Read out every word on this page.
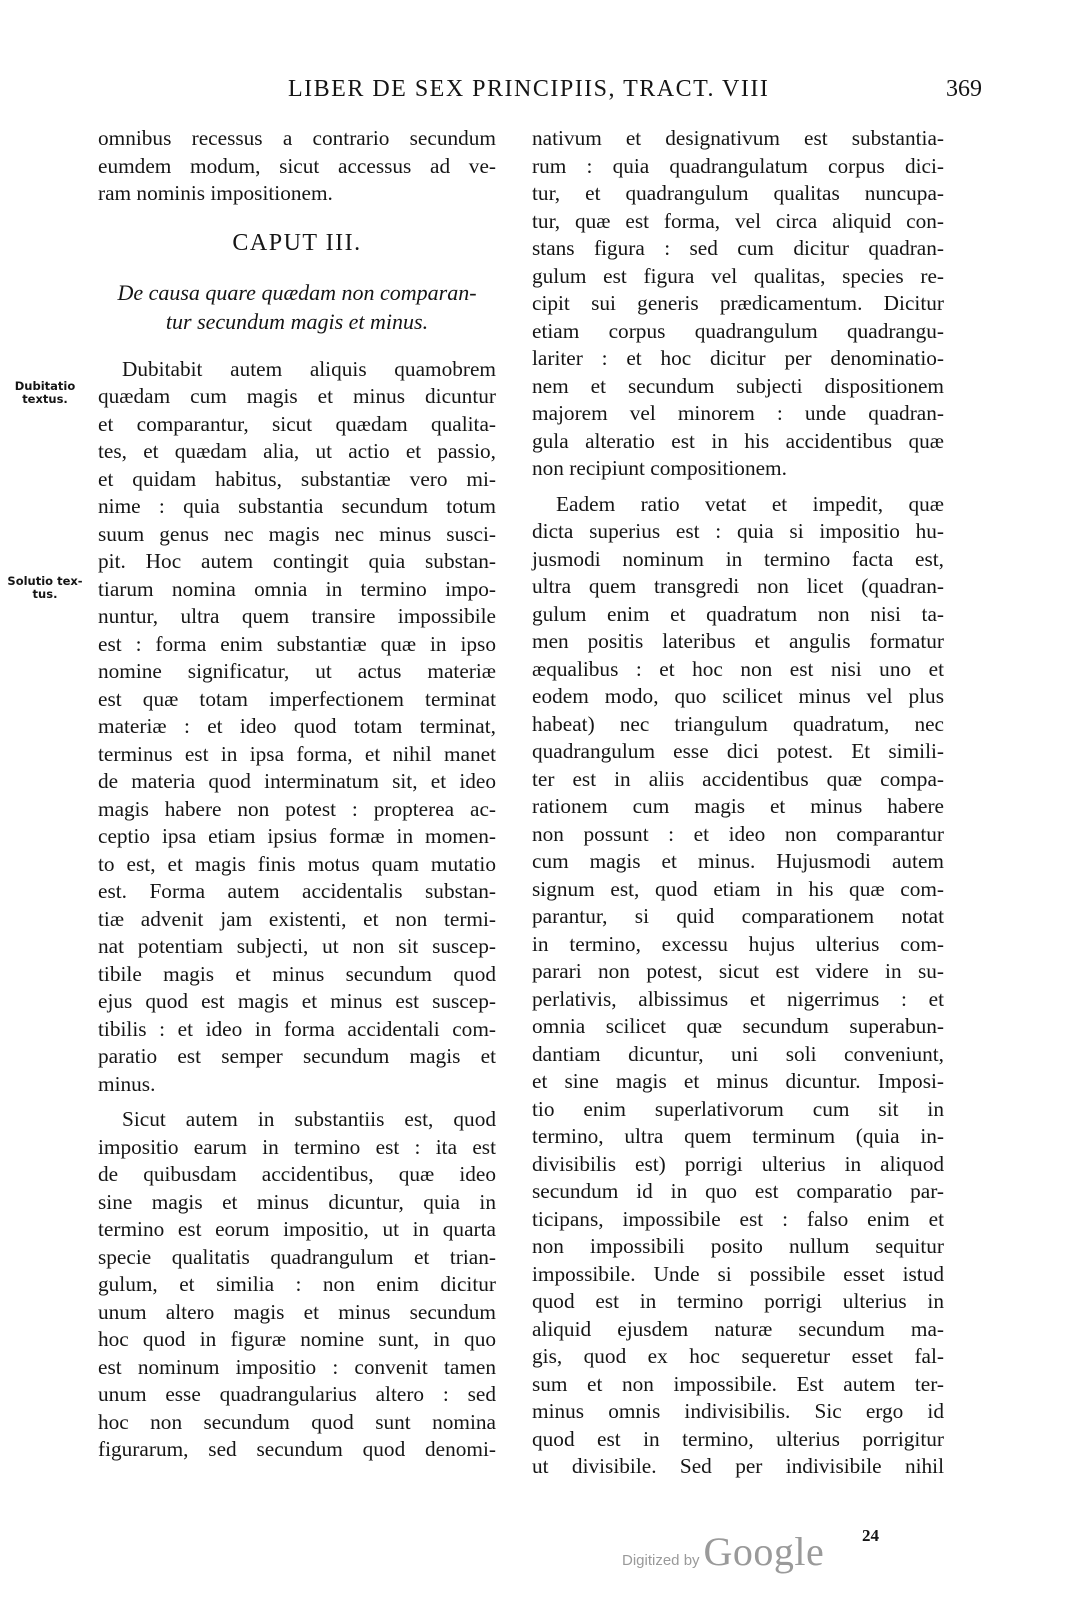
LIBER DE SEX PRINCIPIIS, TRACT. VIII	369
Dubitatio
textus.
Solutio tex-
tus.
omnibus recessus a contrario secundum
eumdem modum, sicut accessus ad ve-
ram nominis impositionem.
CAPUT III.
De causa quare quædam non comparan-
tur secundum magis et minus.
Dubitabit autem aliquis quamobrem
quædam cum magis et minus dicuntur
et comparantur, sicut quædam qualita-
tes, et quædam alia, ut actio et passio,
et quidam habitus, substantiæ vero mi-
nime : quia substantia secundum totum
suum genus nec magis nec minus susci-
pit. Hoc autem contingit quia substan-
tiarum nomina omnia in termino impo-
nuntur, ultra quem transire impossibile
est : forma enim substantiæ quæ in ipso
nomine significatur, ut actus materiæ
est quæ totam imperfectionem terminat
materiæ : et ideo quod totam terminat,
terminus est in ipsa forma, et nihil manet
de materia quod interminatum sit, et ideo
magis habere non potest : propterea ac-
ceptio ipsa etiam ipsius formæ in momen-
to est, et magis finis motus quam mutatio
est. Forma autem accidentalis substan-
tiæ advenit jam existenti, et non termi-
nat potentiam subjecti, ut non sit suscep-
tibile magis et minus secundum quod
ejus quod est magis et minus est suscep-
tibilis : et ideo in forma accidentali com-
paratio est semper secundum magis et
minus.
Sicut autem in substantiis est, quod
impositio earum in termino est : ita est
de quibusdam accidentibus, quæ ideo
sine magis et minus dicuntur, quia in
termino est eorum impositio, ut in quarta
specie qualitatis quadrangulum et trian-
gulum, et similia : non enim dicitur
unum altero magis et minus secundum
hoc quod in figuræ nomine sunt, in quo
est nominum impositio : convenit tamen
unum esse quadrangularius altero : sed
hoc non secundum quod sunt nomina
figurarum, sed secundum quod denomi-
nativum et designativum est substantia-
rum : quia quadrangulatum corpus dici-
tur, et quadrangulum qualitas nuncupa-
tur, quæ est forma, vel circa aliquid con-
stans figura : sed cum dicitur quadran-
gulum est figura vel qualitas, species re-
cipit sui generis prædicamentum. Dicitur
etiam corpus quadrangulum quadrangu-
lariter : et hoc dicitur per denominatio-
nem et secundum subjecti dispositionem
majorem vel minorem : unde quadran-
gula alteratio est in his accidentibus quæ
non recipiunt compositionem.
Eadem ratio vetat et impedit, quæ
dicta superius est : quia si impositio hu-
jusmodi nominum in termino facta est,
ultra quem transgredi non licet (quadran-
gulum enim et quadratum non nisi ta-
men positis lateribus et angulis formatur
æqualibus : et hoc non est nisi uno et
eodem modo, quo scilicet minus vel plus
habeat) nec triangulum quadratum, nec
quadrangulum esse dici potest. Et simili-
ter est in aliis accidentibus quæ compa-
rationem cum magis et minus habere
non possunt : et ideo non comparantur
cum magis et minus. Hujusmodi autem
signum est, quod etiam in his quæ com-
parantur, si quid comparationem notat
in termino, excessu hujus ulterius com-
parari non potest, sicut est videre in su-
perlativis, albissimus et nigerrimus : et
omnia scilicet quæ secundum superabun-
dantiam dicuntur, uni soli conveniunt,
et sine magis et minus dicuntur. Imposi-
tio enim superlativorum cum sit in
termino, ultra quem terminum (quia in-
divisibilis est) porrigi ulterius in aliquod
secundum id in quo est comparatio par-
ticipans, impossibile est : falso enim et
non impossibili posito nullum sequitur
impossibile. Unde si possibile esset istud
quod est in termino porrigi ulterius in
aliquid ejusdem naturæ secundum ma-
gis, quod ex hoc sequeretur esset fal-
sum et non impossibile. Est autem ter-
minus omnis indivisibilis. Sic ergo id
quod est in termino, ulterius porrigitur
ut divisibile. Sed per indivisibile nihil
Digitized by Google 24
